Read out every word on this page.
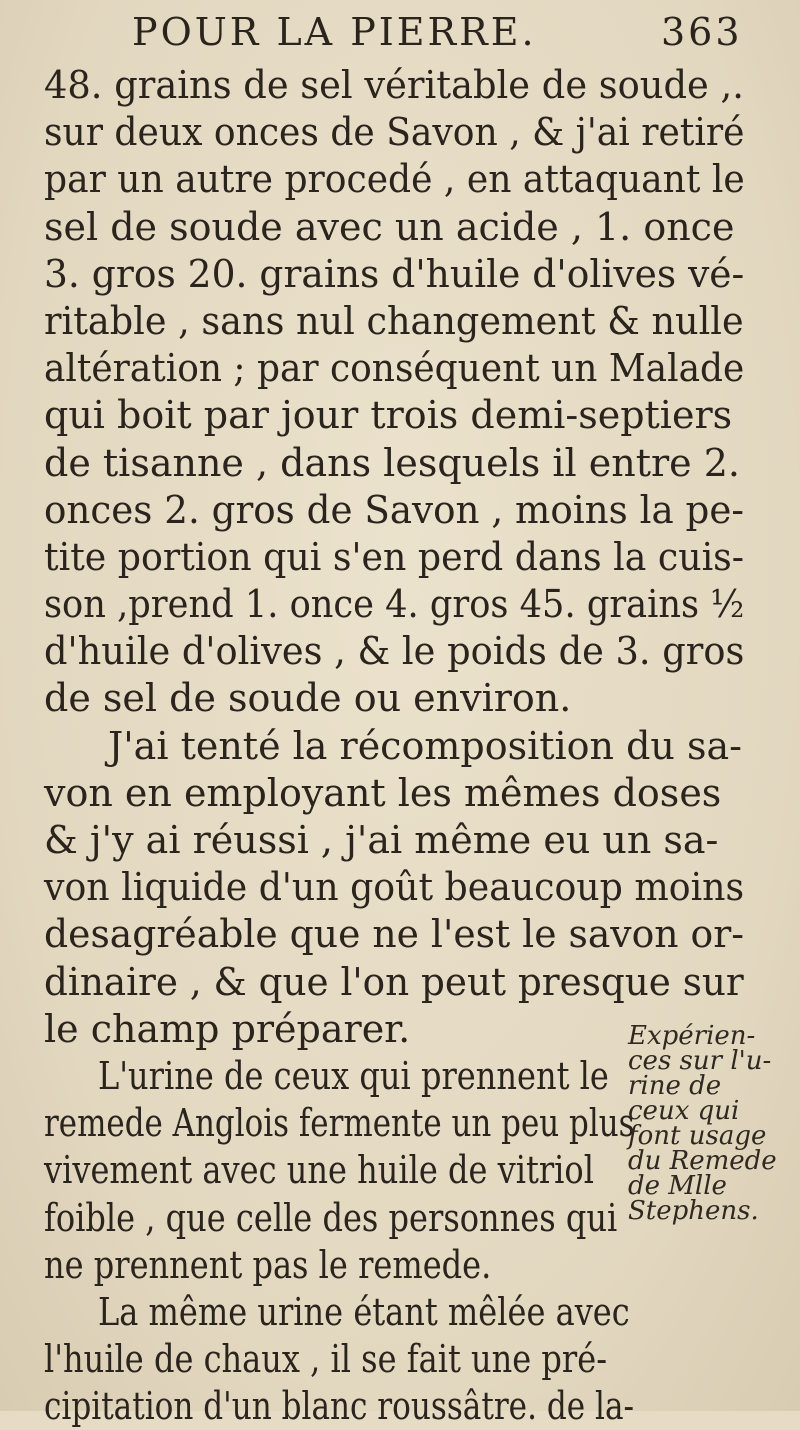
POUR LA PIERRE.	363
48. grains de sel véritable de soude ,.
sur deux onces de Savon , & j'ai retiré
par un autre procedé , en attaquant le
sel de soude avec un acide , 1. once
3. gros 20. grains d'huile d'olives vé-
ritable , sans nul changement & nulle
altération ; par conséquent un Malade
qui boit par jour trois demi-septiers
de tisanne , dans lesquels il entre 2.
onces 2. gros de Savon , moins la pe-
tite portion qui s'en perd dans la cuis-
son ,prend 1. once 4. gros 45. grains ½
d'huile d'olives , & le poids de 3. gros
de sel de soude ou environ.
J'ai tenté la récomposition du sa-
von en employant les mêmes doses
& j'y ai réussi , j'ai même eu un sa-
von liquide d'un goût beaucoup moins
desagréable que ne l'est le savon or-
dinaire , & que l'on peut presque sur
le champ préparer.
L'urine de ceux qui prennent le
remede Anglois fermente un peu plus
vivement avec une huile de vitriol
foible , que celle des personnes qui
ne prennent pas le remede.
La même urine étant mêlée avec
l'huile de chaux , il se fait une pré-
cipitation d'un blanc roussâtre. de la-
Expérien-
ces sur l'u-
rine de
ceux qui
font usage
du Remede
de Mlle
Stephens.
